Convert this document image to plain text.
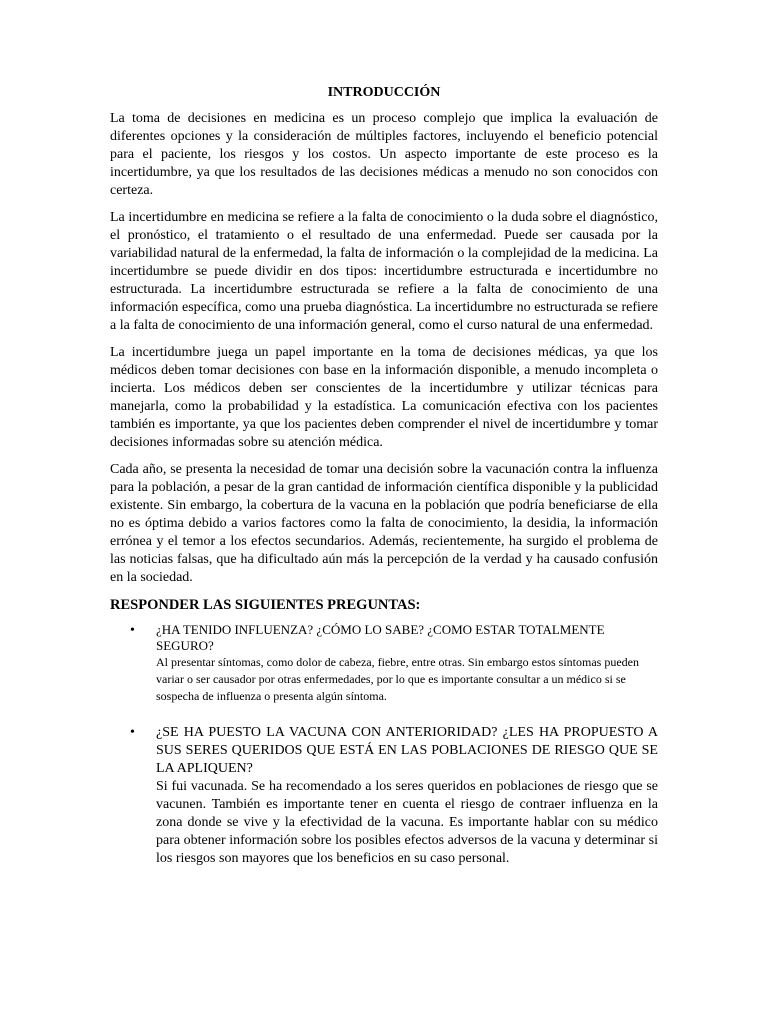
INTRODUCCIÓN

La toma de decisiones en medicina es un proceso complejo que implica la evaluación de diferentes opciones y la consideración de múltiples factores, incluyendo el beneficio potencial para el paciente, los riesgos y los costos. Un aspecto importante de este proceso es la incertidumbre, ya que los resultados de las decisiones médicas a menudo no son conocidos con certeza.

La incertidumbre en medicina se refiere a la falta de conocimiento o la duda sobre el diagnóstico, el pronóstico, el tratamiento o el resultado de una enfermedad. Puede ser causada por la variabilidad natural de la enfermedad, la falta de información o la complejidad de la medicina. La incertidumbre se puede dividir en dos tipos: incertidumbre estructurada e incertidumbre no estructurada. La incertidumbre estructurada se refiere a la falta de conocimiento de una información específica, como una prueba diagnóstica. La incertidumbre no estructurada se refiere a la falta de conocimiento de una información general, como el curso natural de una enfermedad.

La incertidumbre juega un papel importante en la toma de decisiones médicas, ya que los médicos deben tomar decisiones con base en la información disponible, a menudo incompleta o incierta. Los médicos deben ser conscientes de la incertidumbre y utilizar técnicas para manejarla, como la probabilidad y la estadística. La comunicación efectiva con los pacientes también es importante, ya que los pacientes deben comprender el nivel de incertidumbre y tomar decisiones informadas sobre su atención médica.

Cada año, se presenta la necesidad de tomar una decisión sobre la vacunación contra la influenza para la población, a pesar de la gran cantidad de información científica disponible y la publicidad existente. Sin embargo, la cobertura de la vacuna en la población que podría beneficiarse de ella no es óptima debido a varios factores como la falta de conocimiento, la desidia, la información errónea y el temor a los efectos secundarios. Además, recientemente, ha surgido el problema de las noticias falsas, que ha dificultado aún más la percepción de la verdad y ha causado confusión en la sociedad.

RESPONDER LAS SIGUIENTES PREGUNTAS:
• ¿HA TENIDO INFLUENZA? ¿CÓMO LO SABE? ¿COMO ESTAR TOTALMENTE SEGURO?
Al presentar síntomas, como dolor de cabeza, fiebre, entre otras. Sin embargo estos síntomas pueden variar o ser causador por otras enfermedades, por lo que es importante consultar a un médico si se sospecha de influenza o presenta algún síntoma.
• ¿SE HA PUESTO LA VACUNA CON ANTERIORIDAD? ¿LES HA PROPUESTO A SUS SERES QUERIDOS QUE ESTÁ EN LAS POBLACIONES DE RIESGO QUE SE LA APLIQUEN?
Si fui vacunada. Se ha recomendado a los seres queridos en poblaciones de riesgo que se vacunen. También es importante tener en cuenta el riesgo de contraer influenza en la zona donde se vive y la efectividad de la vacuna. Es importante hablar con su médico para obtener información sobre los posibles efectos adversos de la vacuna y determinar si los riesgos son mayores que los beneficios en su caso personal.
